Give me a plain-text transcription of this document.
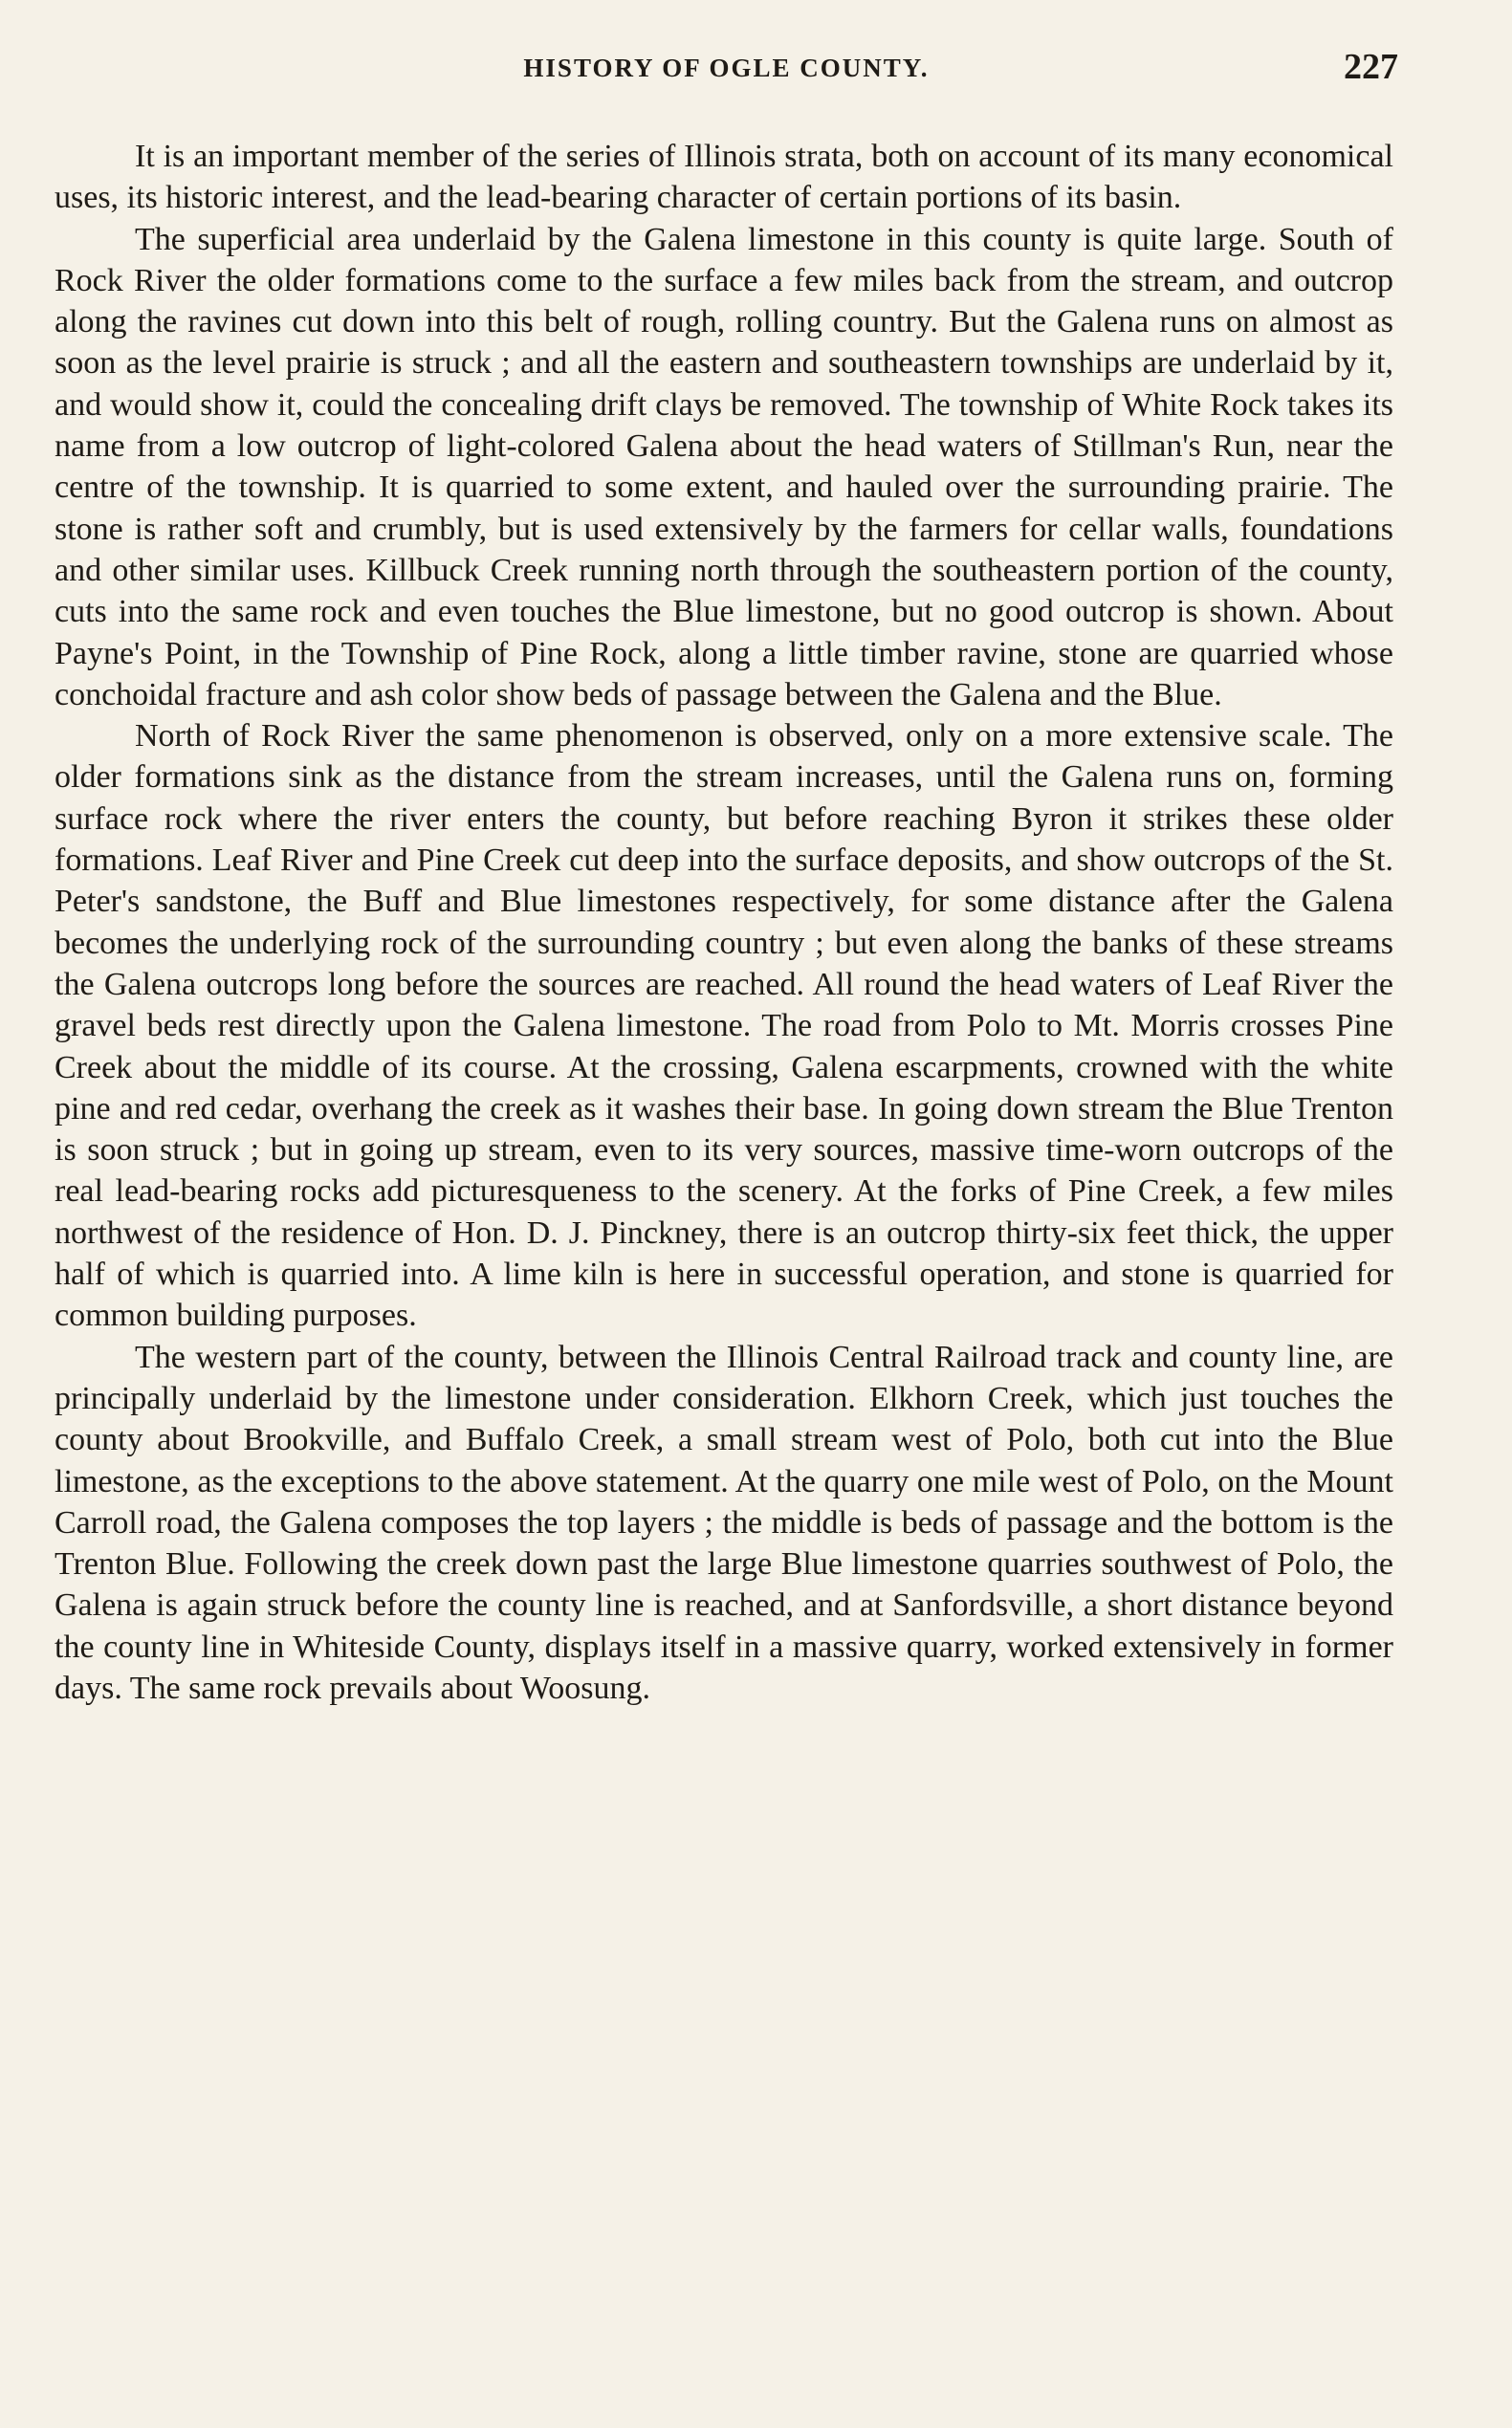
HISTORY OF OGLE COUNTY.	227

It is an important member of the series of Illinois strata, both on account of its many economical uses, its historic interest, and the lead-bearing character of certain portions of its basin.

The superficial area underlaid by the Galena limestone in this county is quite large. South of Rock River the older formations come to the surface a few miles back from the stream, and outcrop along the ravines cut down into this belt of rough, rolling country. But the Galena runs on almost as soon as the level prairie is struck ; and all the eastern and southeastern townships are underlaid by it, and would show it, could the concealing drift clays be removed. The township of White Rock takes its name from a low outcrop of light-colored Galena about the head waters of Stillman's Run, near the centre of the township. It is quarried to some extent, and hauled over the surrounding prairie. The stone is rather soft and crumbly, but is used extensively by the farmers for cellar walls, foundations and other similar uses. Killbuck Creek running north through the southeastern portion of the county, cuts into the same rock and even touches the Blue limestone, but no good outcrop is shown. About Payne's Point, in the Township of Pine Rock, along a little timber ravine, stone are quarried whose conchoidal fracture and ash color show beds of passage between the Galena and the Blue.

North of Rock River the same phenomenon is observed, only on a more extensive scale. The older formations sink as the distance from the stream increases, until the Galena runs on, forming surface rock where the river enters the county, but before reaching Byron it strikes these older formations. Leaf River and Pine Creek cut deep into the surface deposits, and show outcrops of the St. Peter's sandstone, the Buff and Blue limestones respectively, for some distance after the Galena becomes the underlying rock of the surrounding country ; but even along the banks of these streams the Galena outcrops long before the sources are reached. All round the head waters of Leaf River the gravel beds rest directly upon the Galena limestone. The road from Polo to Mt. Morris crosses Pine Creek about the middle of its course. At the crossing, Galena escarpments, crowned with the white pine and red cedar, overhang the creek as it washes their base. In going down stream the Blue Trenton is soon struck ; but in going up stream, even to its very sources, massive time-worn outcrops of the real lead-bearing rocks add picturesqueness to the scenery. At the forks of Pine Creek, a few miles northwest of the residence of Hon. D. J. Pinckney, there is an outcrop thirty-six feet thick, the upper half of which is quarried into. A lime kiln is here in successful operation, and stone is quarried for common building purposes.

The western part of the county, between the Illinois Central Railroad track and county line, are principally underlaid by the limestone under consideration. Elkhorn Creek, which just touches the county about Brookville, and Buffalo Creek, a small stream west of Polo, both cut into the Blue limestone, as the exceptions to the above statement. At the quarry one mile west of Polo, on the Mount Carroll road, the Galena composes the top layers ; the middle is beds of passage and the bottom is the Trenton Blue. Following the creek down past the large Blue limestone quarries southwest of Polo, the Galena is again struck before the county line is reached, and at Sanfordsville, a short distance beyond the county line in Whiteside County, displays itself in a massive quarry, worked extensively in former days. The same rock prevails about Woosung.
